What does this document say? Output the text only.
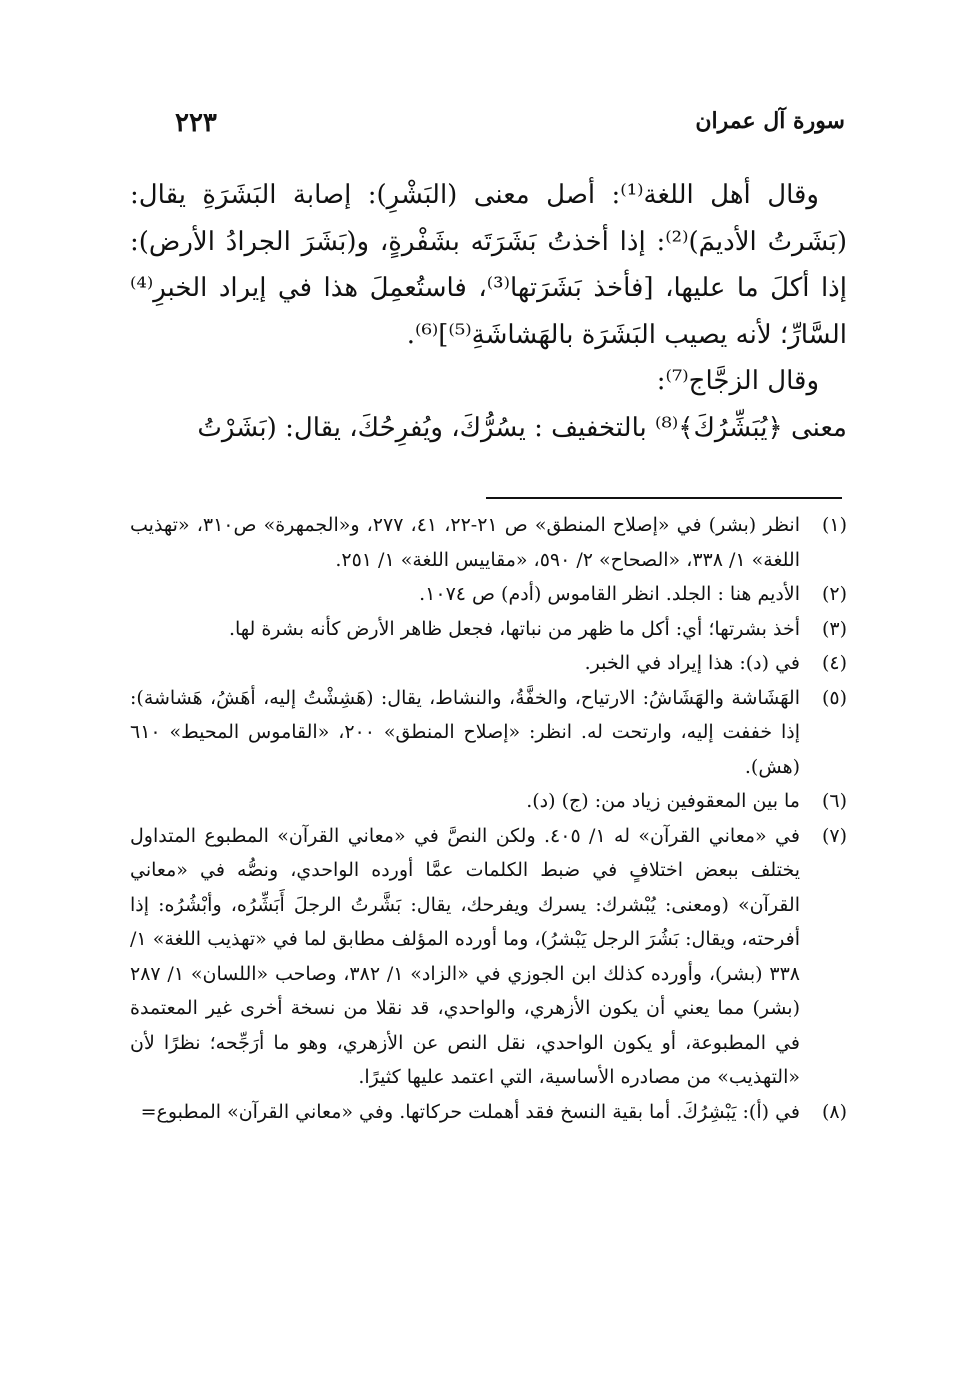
٢٢٣	سورة آل عمران

وقال أهل اللغة⁽¹⁾: أصل معنى (البَشْرِ): إصابة البَشَرَةِ يقال: (بَشَرتُ الأديمَ)⁽²⁾: إذا أخذتُ بَشَرَتَه بشَفْرةٍ، و(بَشَرَ الجرادُ الأرض): إذا أكلَ ما عليها، [فأخذ بَشَرَتها⁽³⁾، فاستُعمِلَ هذا في إيراد الخبرِ⁽⁴⁾ السَّارِّ؛ لأنه يصيب البَشَرَة بالهَشاشَةِ⁽⁵⁾]⁽⁶⁾.

وقال الزجَّاج⁽⁷⁾:

معنى ﴿يُبَشِّرُكَ﴾⁽⁸⁾ بالتخفيف : يسُرُّكَ، ويُفرِحُكَ، يقال: (بَشَرْتُ

(١)
انظر (بشر) في «إصلاح المنطق» ص ٢١-٢٢، ٤١، ٢٧٧، و«الجمهرة» ص٣١٠، «تهذيب اللغة» ١/ ٣٣٨، «الصحاح» ٢/ ٥٩٠، «مقاييس اللغة» ١/ ٢٥١.
(٢)
الأديم هنا : الجلد. انظر القاموس (أدم) ص ١٠٧٤.
(٣)
أخذ بشرتها؛ أي: أكل ما ظهر من نباتها، فجعل ظاهر الأرض كأنه بشرة لها.
(٤)
في (د): هذا إيراد في الخبر.
(٥)
الهَشَاشة والهَشَاشُ: الارتياح، والخفَّةُ، والنشاط، يقال: (هَشِشْتُ إليه، أهَشُ، هَشاشة): إذا خففت إليه، وارتحت له. انظر: «إصلاح المنطق» ٢٠٠، «القاموس المحيط» ٦١٠ (هش).
(٦)
ما بين المعقوفين زياد من: (ج) (د).
(٧)
في «معاني القرآن» له ١/ ٤٠٥. ولكن النصَّ في «معاني القرآن» المطبوع المتداول يختلف ببعض اختلافٍ في ضبط الكلمات عمَّا أورده الواحدي، ونصُّه في «معاني القرآن» (ومعنى: يُبْشرك: يسرك ويفرحك، يقال: بَشَّرتُ الرجلَ أَبَشِّرُه، وأبْشُرُه: إذا أفرحته، ويقال: بَشُرَ الرجل يَبْشرُ)، وما أورده المؤلف مطابق لما في «تهذيب اللغة» ١/ ٣٣٨ (بشر)، وأورده كذلك ابن الجوزي في «الزاد» ١/ ٣٨٢، وصاحب «اللسان» ١/ ٢٨٧ (بشر) مما يعني أن يكون الأزهري، والواحدي، قد نقلا من نسخة أخرى غير المعتمدة في المطبوعة، أو يكون الواحدي، نقل النص عن الأزهري، وهو ما أرَجِّحه؛ نظرًا لأن «التهذيب» من مصادره الأساسية، التي اعتمد عليها كثيرًا.
(٨)
في (أ): يَبْشِرُكَ. أما بقية النسخ فقد أهملت حركاتها. وفي «معاني القرآن» المطبوع=
